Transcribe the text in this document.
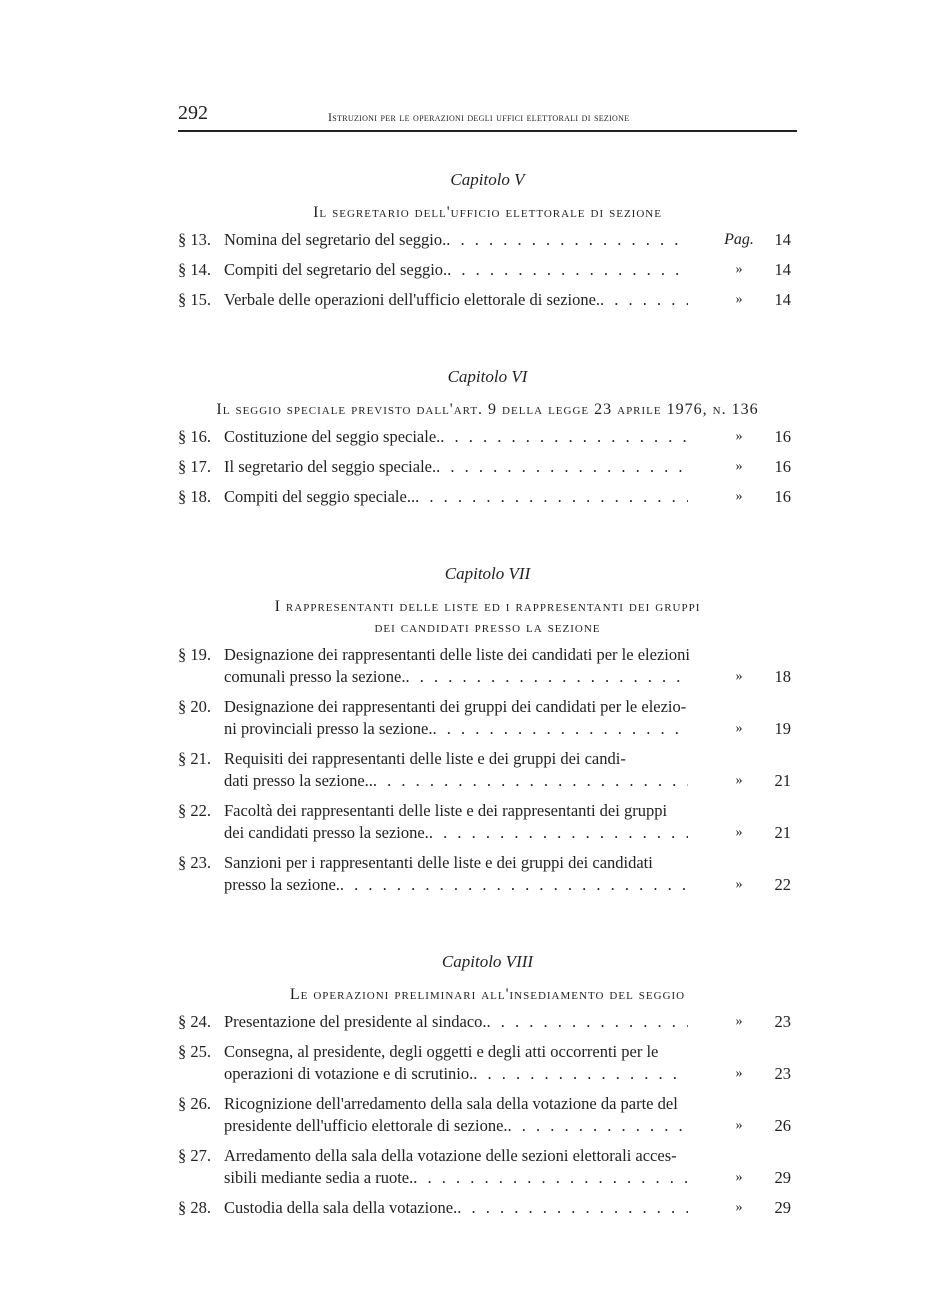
292	istruzioni per le operazioni degli uffici elettorali di sezione
Capitolo V
Il segretario dell'ufficio elettorale di sezione
§ 13. Nomina del segretario del seggio. . . .	Pag.	14
§ 14. Compiti del segretario del seggio. . . .	»	14
§ 15. Verbale delle operazioni dell'ufficio elettorale di sezione. . . .	»	14
Capitolo VI
Il seggio speciale previsto dall'art. 9 della legge 23 aprile 1976, n. 136
§ 16. Costituzione del seggio speciale. . . .	»	16
§ 17. Il segretario del seggio speciale. . . .	»	16
§ 18. Compiti del seggio speciale.. . . .	»	16
Capitolo VII
I rappresentanti delle liste ed i rappresentanti dei gruppi
dei candidati presso la sezione
§ 19. Designazione dei rappresentanti delle liste dei candidati per le elezioni
comunali presso la sezione. . . .	»	18
§ 20. Designazione dei rappresentanti dei gruppi dei candidati per le elezio-
ni provinciali presso la sezione. . . .	»	19
§ 21. Requisiti dei rappresentanti delle liste e dei gruppi dei candi-
dati presso la sezione.. . . .	»	21
§ 22. Facoltà dei rappresentanti delle liste e dei rappresentanti dei gruppi
dei candidati presso la sezione. . . .	»	21
§ 23. Sanzioni per i rappresentanti delle liste e dei gruppi dei candidati
presso la sezione. . . .	»	22
Capitolo VIII
Le operazioni preliminari all'insediamento del seggio
§ 24. Presentazione del presidente al sindaco. . . .	»	23
§ 25. Consegna, al presidente, degli oggetti e degli atti occorrenti per le
operazioni di votazione e di scrutinio. . . .	»	23
§ 26. Ricognizione dell'arredamento della sala della votazione da parte del
presidente dell'ufficio elettorale di sezione. . . .	»	26
§ 27. Arredamento della sala della votazione delle sezioni elettorali acces-
sibili mediante sedia a ruote. . . .	»	29
§ 28. Custodia della sala della votazione. . . .	»	29
